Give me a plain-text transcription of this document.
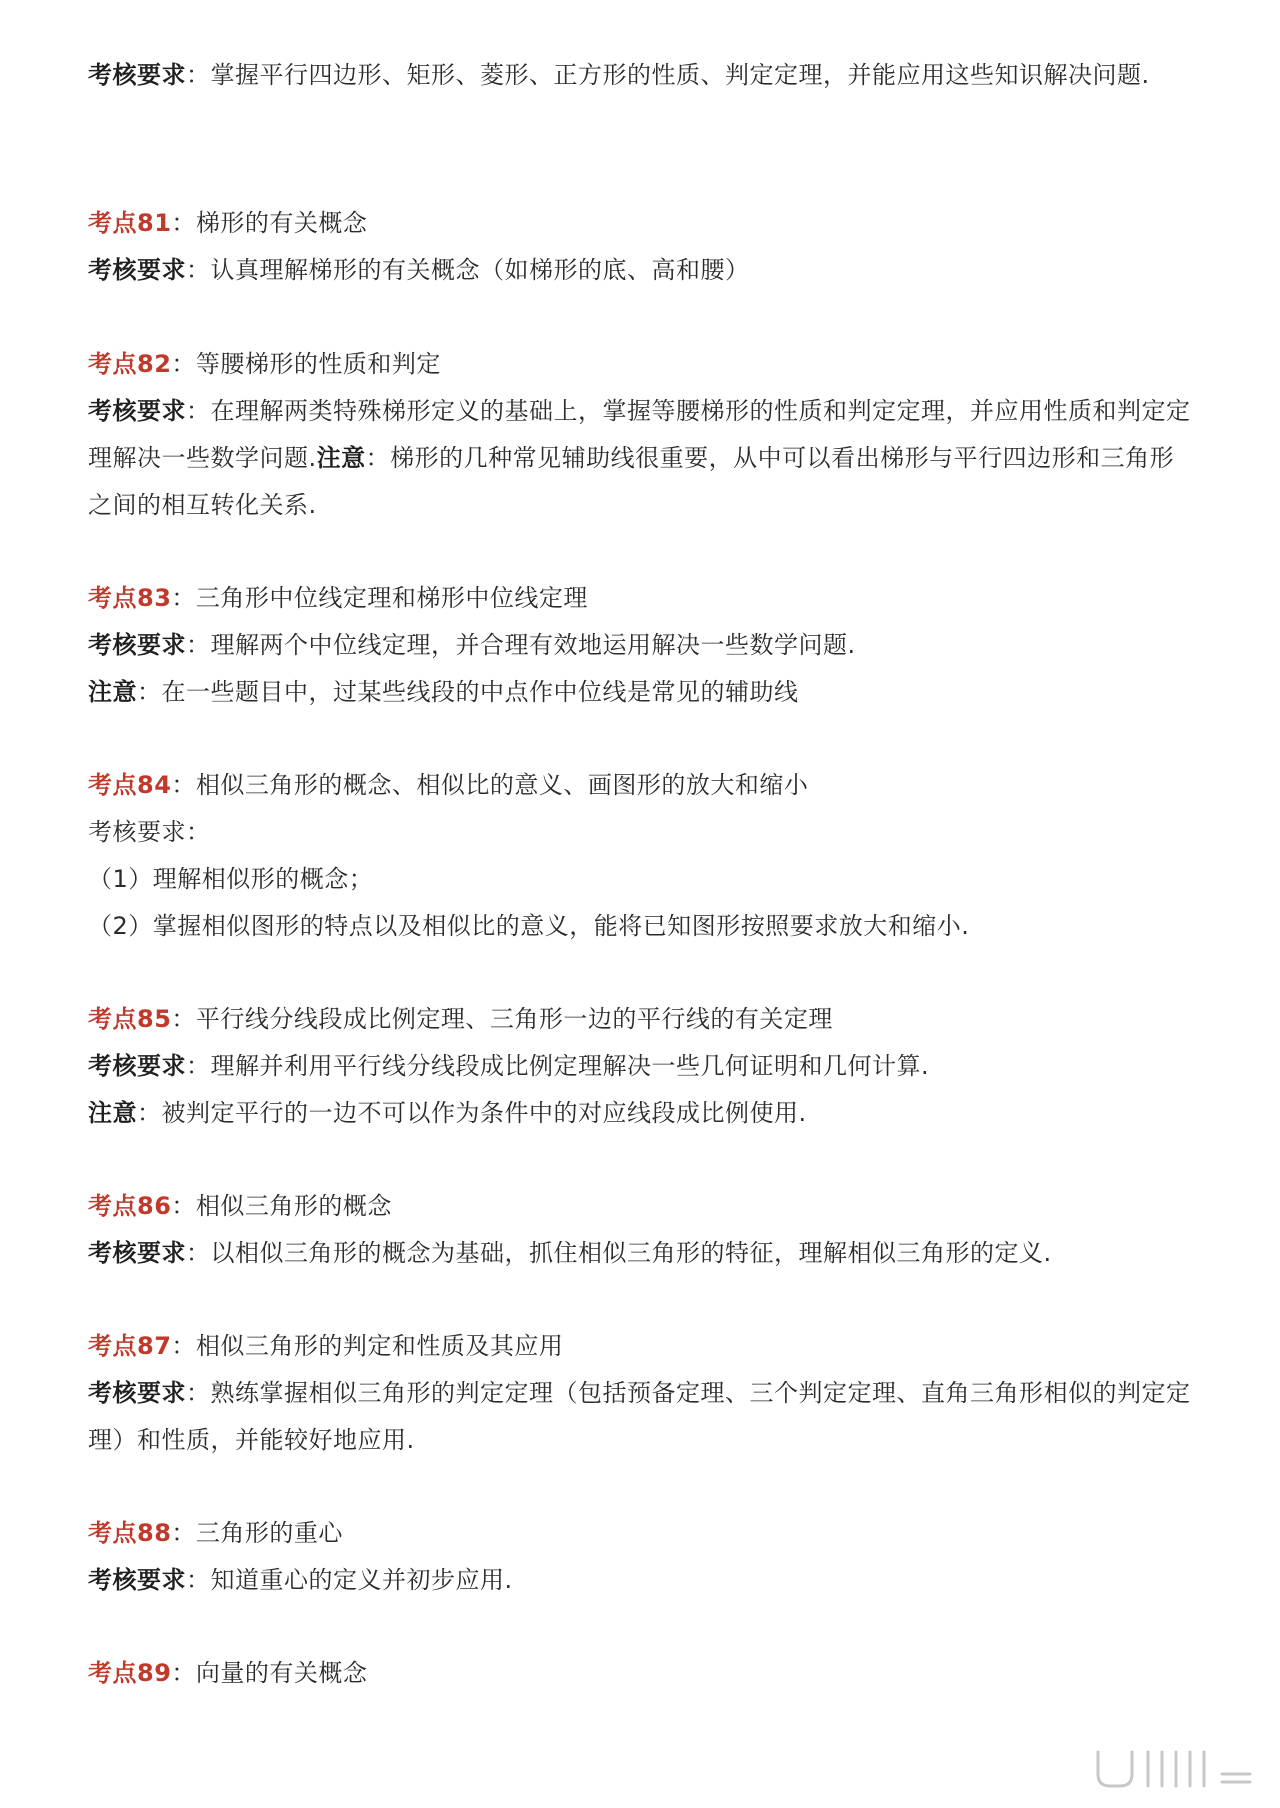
考核要求：掌握平行四边形、矩形、菱形、正方形的性质、判定定理，并能应用这些知识解决问题.
考点81：梯形的有关概念
考核要求：认真理解梯形的有关概念（如梯形的底、高和腰）
考点82：等腰梯形的性质和判定
考核要求：在理解两类特殊梯形定义的基础上，掌握等腰梯形的性质和判定定理，并应用性质和判定定理解决一些数学问题.注意：梯形的几种常见辅助线很重要，从中可以看出梯形与平行四边形和三角形之间的相互转化关系.
考点83：三角形中位线定理和梯形中位线定理
考核要求：理解两个中位线定理，并合理有效地运用解决一些数学问题.
注意：在一些题目中，过某些线段的中点作中位线是常见的辅助线
考点84：相似三角形的概念、相似比的意义、画图形的放大和缩小
考核要求：
（1）理解相似形的概念；
（2）掌握相似图形的特点以及相似比的意义，能将已知图形按照要求放大和缩小.
考点85：平行线分线段成比例定理、三角形一边的平行线的有关定理
考核要求：理解并利用平行线分线段成比例定理解决一些几何证明和几何计算.
注意：被判定平行的一边不可以作为条件中的对应线段成比例使用.
考点86：相似三角形的概念
考核要求：以相似三角形的概念为基础，抓住相似三角形的特征，理解相似三角形的定义.
考点87：相似三角形的判定和性质及其应用
考核要求：熟练掌握相似三角形的判定定理（包括预备定理、三个判定定理、直角三角形相似的判定定理）和性质，并能较好地应用.
考点88：三角形的重心
考核要求：知道重心的定义并初步应用.
考点89：向量的有关概念
